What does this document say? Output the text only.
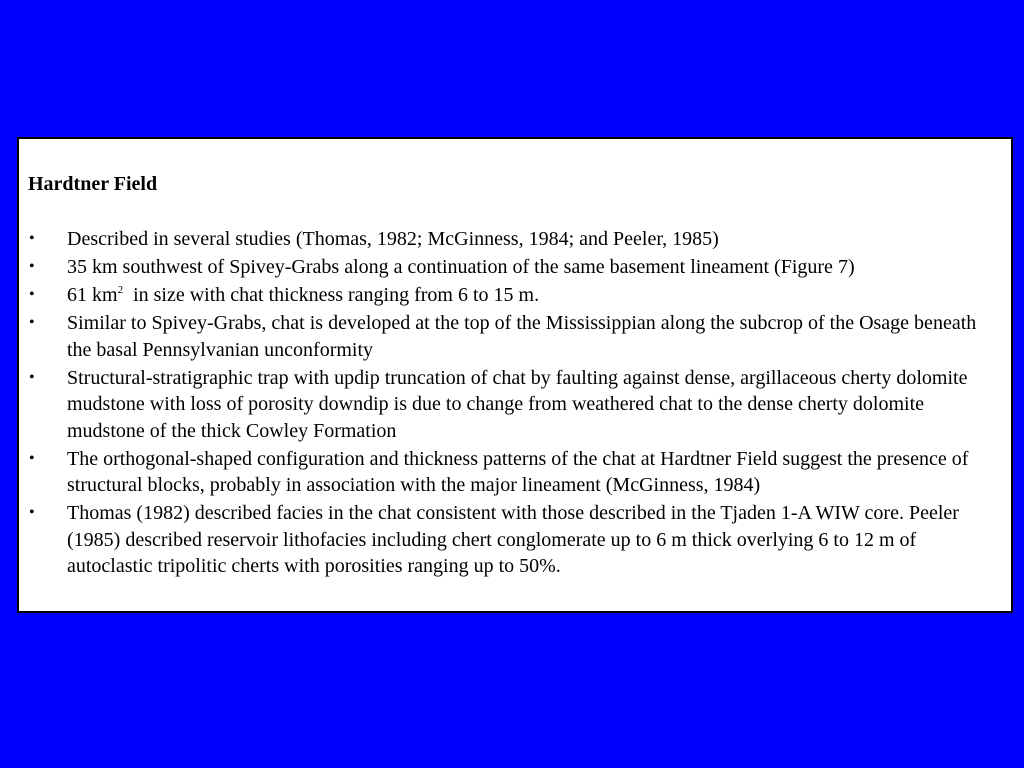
Hardtner Field
• Described in several studies (Thomas, 1982; McGinness, 1984; and Peeler, 1985)
• 35 km southwest of Spivey-Grabs along a continuation of the same basement lineament (Figure 7)
• 61 $km^2$  in size with chat thickness ranging from 6 to 15 m.
• Similar to Spivey-Grabs, chat is developed at the top of the Mississippian along the subcrop of the Osage beneath the basal Pennsylvanian unconformity
• Structural-stratigraphic trap with updip truncation of chat by faulting against dense, argillaceous cherty dolomite mudstone with loss of porosity downdip is due to change from weathered chat to the dense cherty dolomite mudstone of the thick Cowley Formation
• The orthogonal-shaped configuration and thickness patterns of the chat at Hardtner Field suggest the presence of structural blocks, probably in association with the major lineament (McGinness, 1984)
• Thomas (1982) described facies in the chat consistent with those described in the Tjaden 1-A WIW core. Peeler (1985) described reservoir lithofacies including chert conglomerate up to 6 m thick overlying 6 to 12 m of autoclastic tripolitic cherts with porosities ranging up to 50%.
